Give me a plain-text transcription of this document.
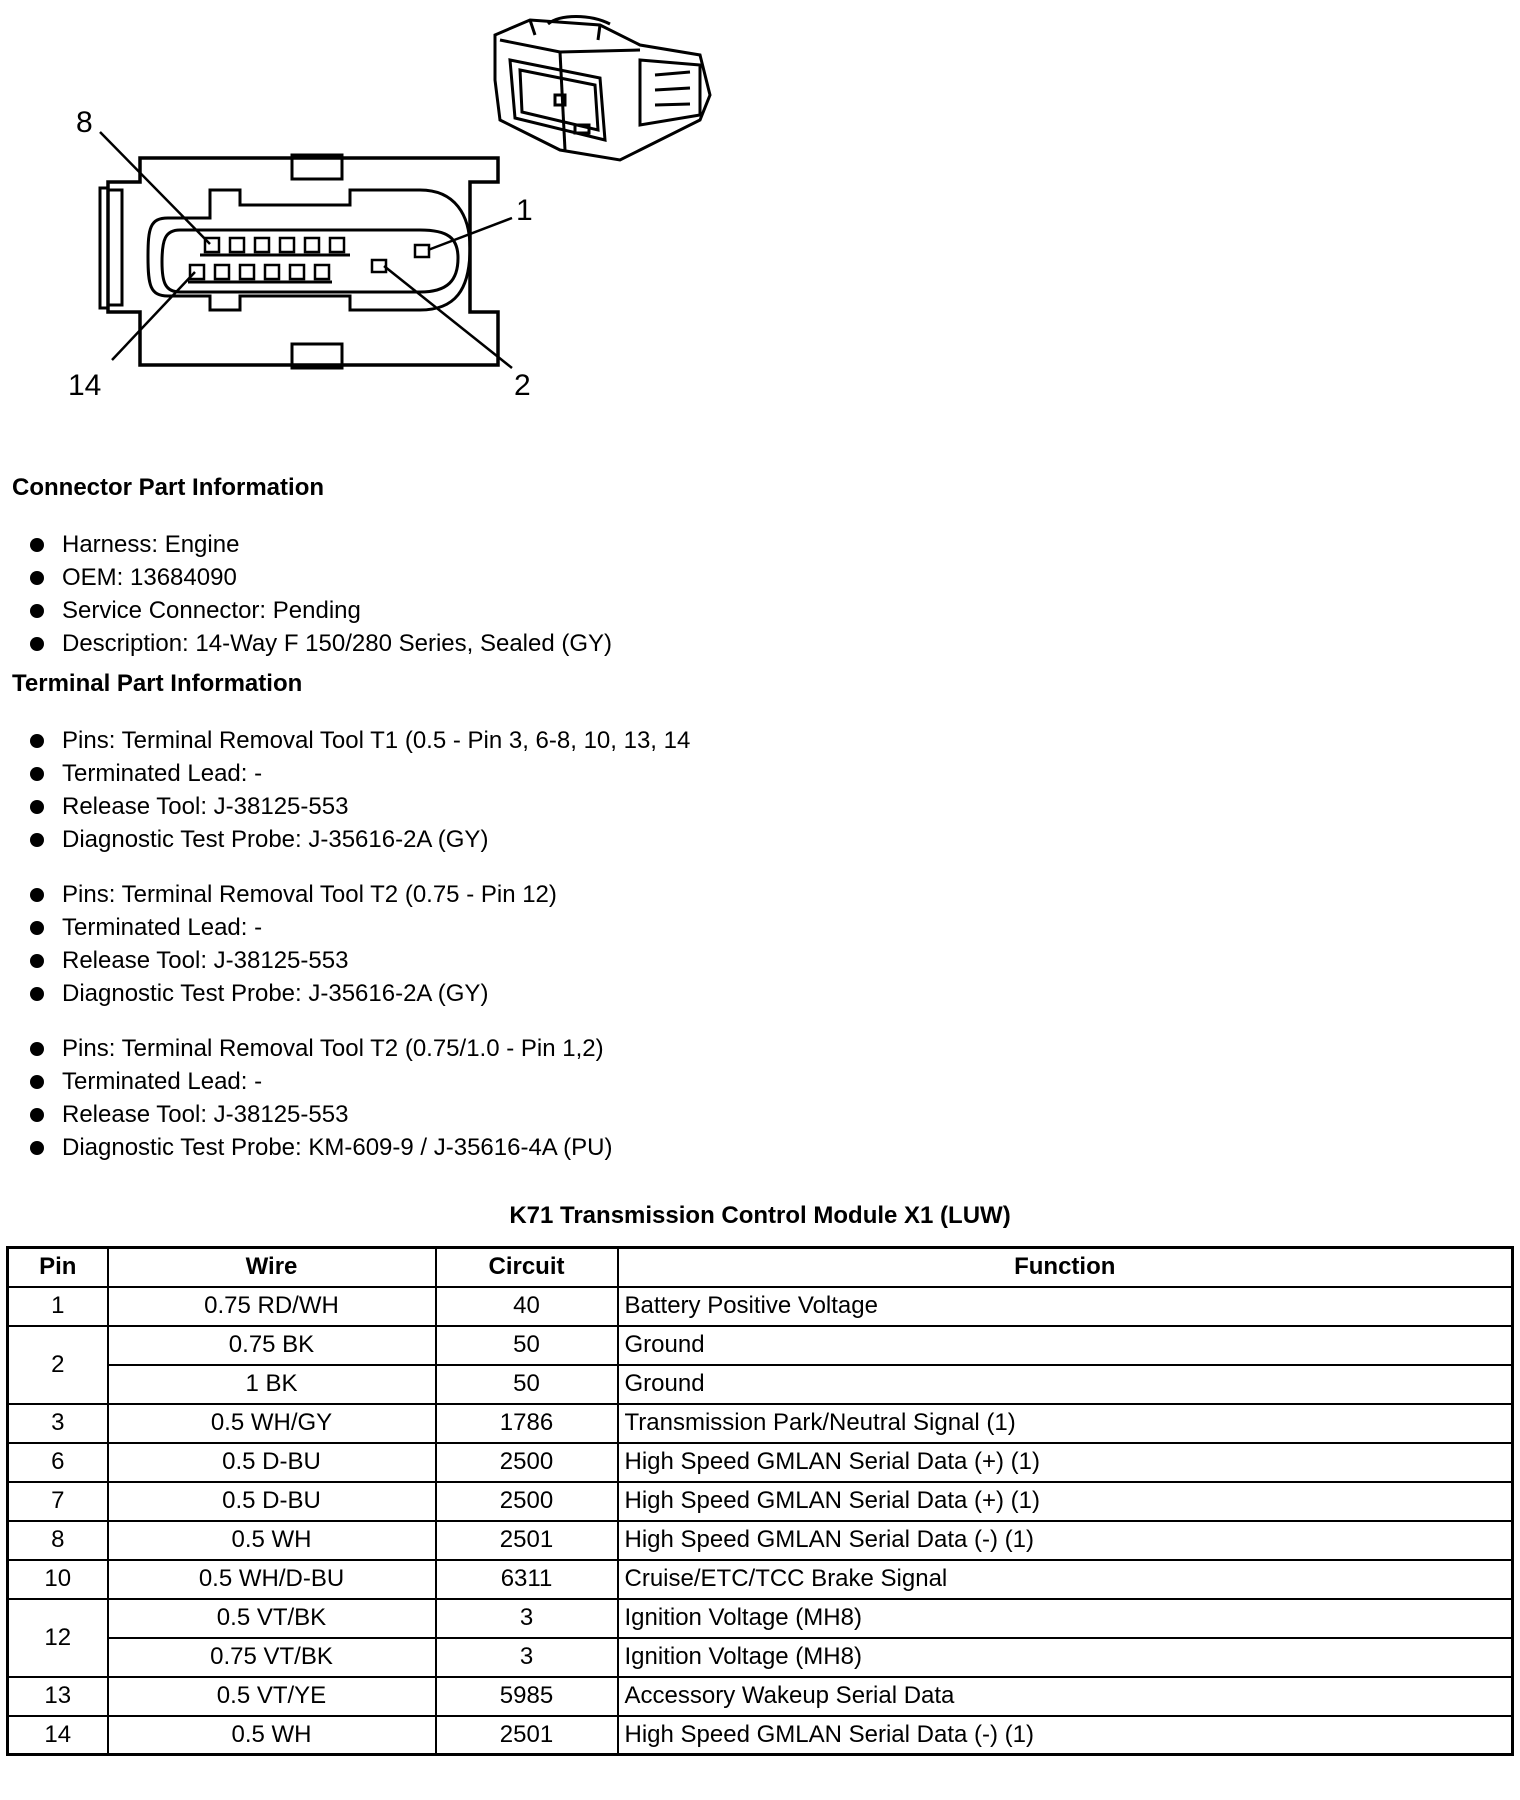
8
1
14	2
Connector Part Information
Harness: Engine
OEM: 13684090
Service Connector: Pending
Description: 14-Way F 150/280 Series, Sealed (GY)
Terminal Part Information
Pins: Terminal Removal Tool T1 (0.5 - Pin 3, 6-8, 10, 13, 14
Terminated Lead: -
Release Tool: J-38125-553
Diagnostic Test Probe: J-35616-2A (GY)
Pins: Terminal Removal Tool T2 (0.75 - Pin 12)
Terminated Lead: -
Release Tool: J-38125-553
Diagnostic Test Probe: J-35616-2A (GY)
Pins: Terminal Removal Tool T2 (0.75/1.0 - Pin 1,2)
Terminated Lead: -
Release Tool: J-38125-553
Diagnostic Test Probe: KM-609-9 / J-35616-4A (PU)
K71 Transmission Control Module X1 (LUW)
Pin	Wire	Circuit	Function
1	0.75 RD/WH	40	Battery Positive Voltage
2	0.75 BK	50	Ground
	1 BK	50	Ground
3	0.5 WH/GY	1786	Transmission Park/Neutral Signal (1)
6	0.5 D-BU	2500	High Speed GMLAN Serial Data (+) (1)
7	0.5 D-BU	2500	High Speed GMLAN Serial Data (+) (1)
8	0.5 WH	2501	High Speed GMLAN Serial Data (-) (1)
10	0.5 WH/D-BU	6311	Cruise/ETC/TCC Brake Signal
12	0.5 VT/BK	3	Ignition Voltage (MH8)
	0.75 VT/BK	3	Ignition Voltage (MH8)
13	0.5 VT/YE	5985	Accessory Wakeup Serial Data
14	0.5 WH	2501	High Speed GMLAN Serial Data (-) (1)
